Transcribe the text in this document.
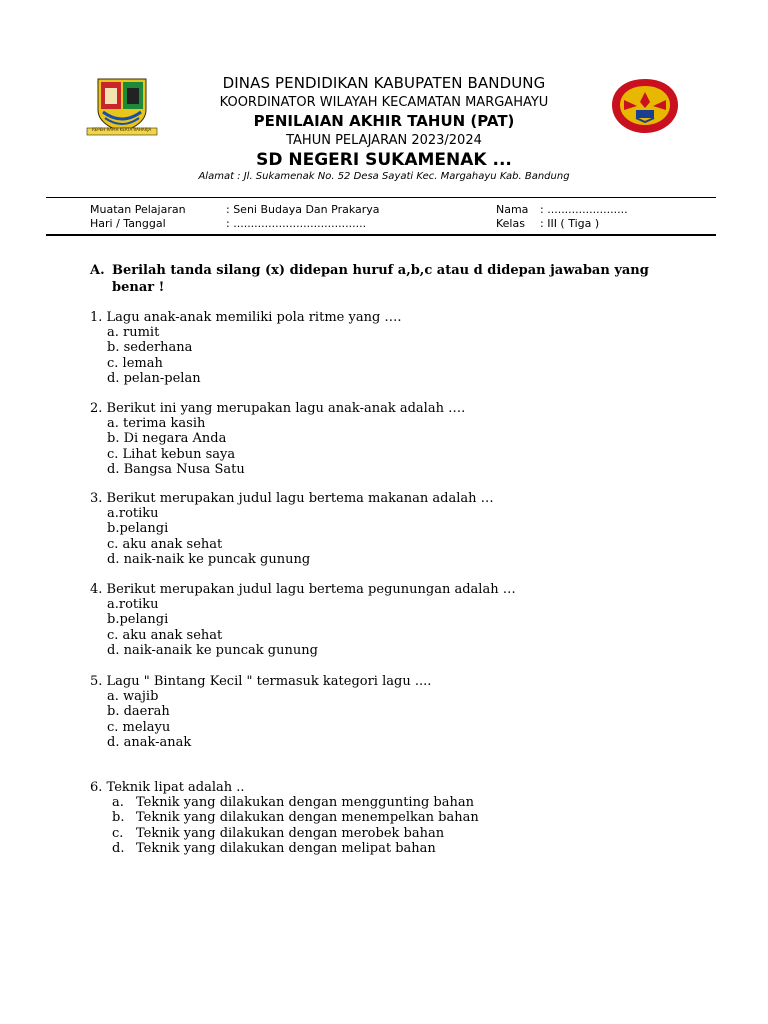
REPEH RAPIH KERTA RAHARJA
DINAS PENDIDIKAN KABUPATEN BANDUNG
KOORDINATOR WILAYAH KECAMATAN MARGAHAYU
PENILAIAN AKHIR TAHUN (PAT)
TAHUN PELAJARAN 2023/2024
SD NEGERI SUKAMENAK ...
Alamat : Jl. Sukamenak No. 52 Desa Sayati Kec. Margahayu Kab. Bandung
Muatan Pelajaran	: Seni Budaya Dan Prakarya
Hari / Tanggal	: ......................................
Nama : .......................
Kelas : III ( Tiga )
A. Berilah tanda silang (x) didepan huruf a,b,c atau d didepan jawaban yang
benar !
1. Lagu anak-anak memiliki pola ritme yang ….
a. rumit
b. sederhana
c. lemah
d. pelan-pelan
2. Berikut ini yang merupakan lagu anak-anak adalah ….
a. terima kasih
b. Di negara Anda
c. Lihat kebun saya
d. Bangsa Nusa Satu
3. Berikut merupakan judul lagu bertema makanan adalah …
a.rotiku
b.pelangi
c. aku anak sehat
d. naik-naik ke puncak gunung
4. Berikut merupakan judul lagu bertema pegunungan adalah …
a.rotiku
b.pelangi
c. aku anak sehat
d. naik-anaik ke puncak gunung
5. Lagu " Bintang Kecil " termasuk kategori lagu ....
a. wajib
b. daerah
c. melayu
d. anak-anak
6. Teknik lipat adalah ..
a. Teknik yang dilakukan dengan menggunting bahan
b. Teknik yang dilakukan dengan menempelkan bahan
c. Teknik yang dilakukan dengan merobek bahan
d. Teknik yang dilakukan dengan melipat bahan
